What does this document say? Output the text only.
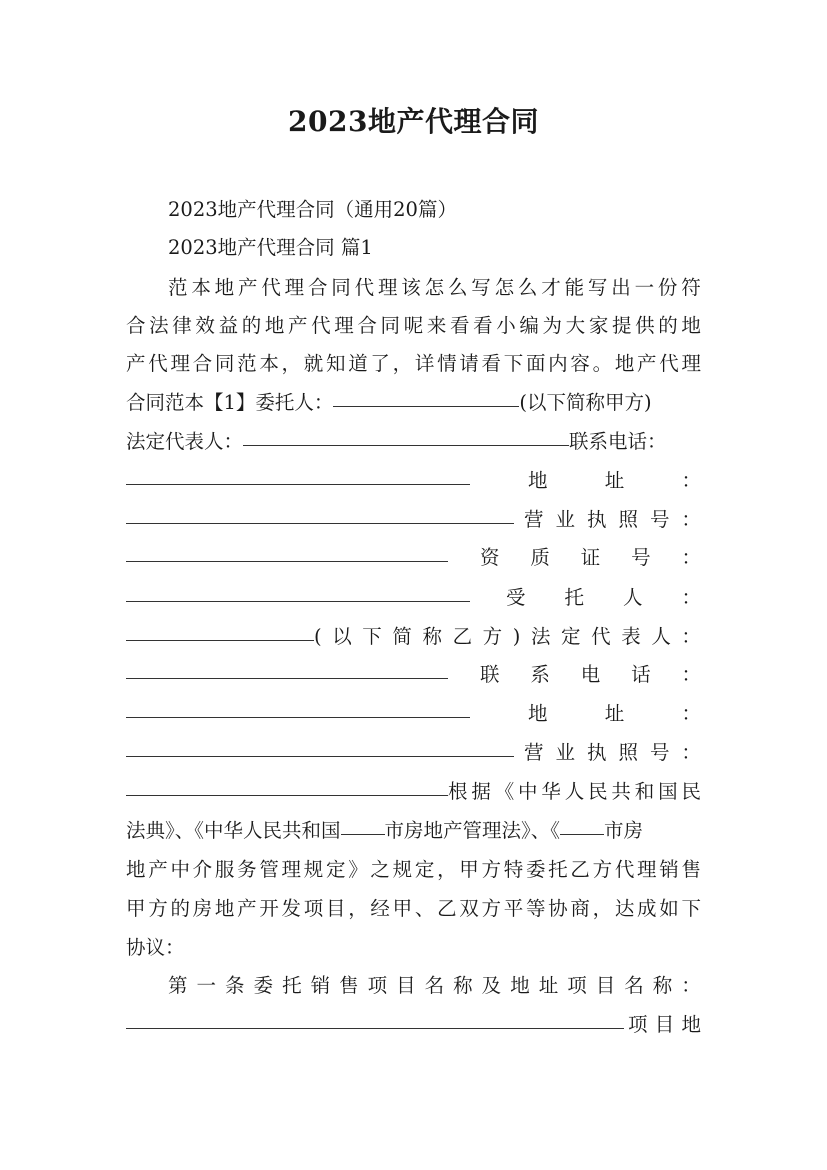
2023地产代理合同
2023地产代理合同（通用20篇）
2023地产代理合同 篇1
范 本 地 产 代 理 合 同 代 理 该 怎 么 写 怎 么 才 能 写 出 一 份 符
合 法 律 效 益 的 地 产 代 理 合 同 呢 来 看 看 小 编 为 大 家 提 供 的 地
产 代 理 合 同 范 本 ， 就 知 道 了 ， 详 情 请 看 下 面 内 容 。 地 产 代 理
合同范本【1】委托人：	(以下简称甲方)
法定代表人：	联系电话：
地	址	：
营 业 执 照 号 ：
资 质 证 号 ：
受 托 人 ：
( 以 下 简 称 乙 方 ) 法 定 代 表 人 ：
联 系 电 话 ：
地	址	：
营 业 执 照 号 ：
根 据 《 中 华 人 民 共 和 国 民
法典》、《中华人民共和国 市房地产管理法》、《 市房
地 产 中 介 服 务 管 理 规 定 》 之 规 定 ， 甲 方 特 委 托 乙 方 代 理 销 售
甲 方 的 房 地 产 开 发 项 目 ， 经 甲 、 乙 双 方 平 等 协 商 ， 达 成 如 下
协议：
第 一 条 委 托 销 售 项 目 名 称 及 地 址 项 目 名 称 ：
项 目 地
